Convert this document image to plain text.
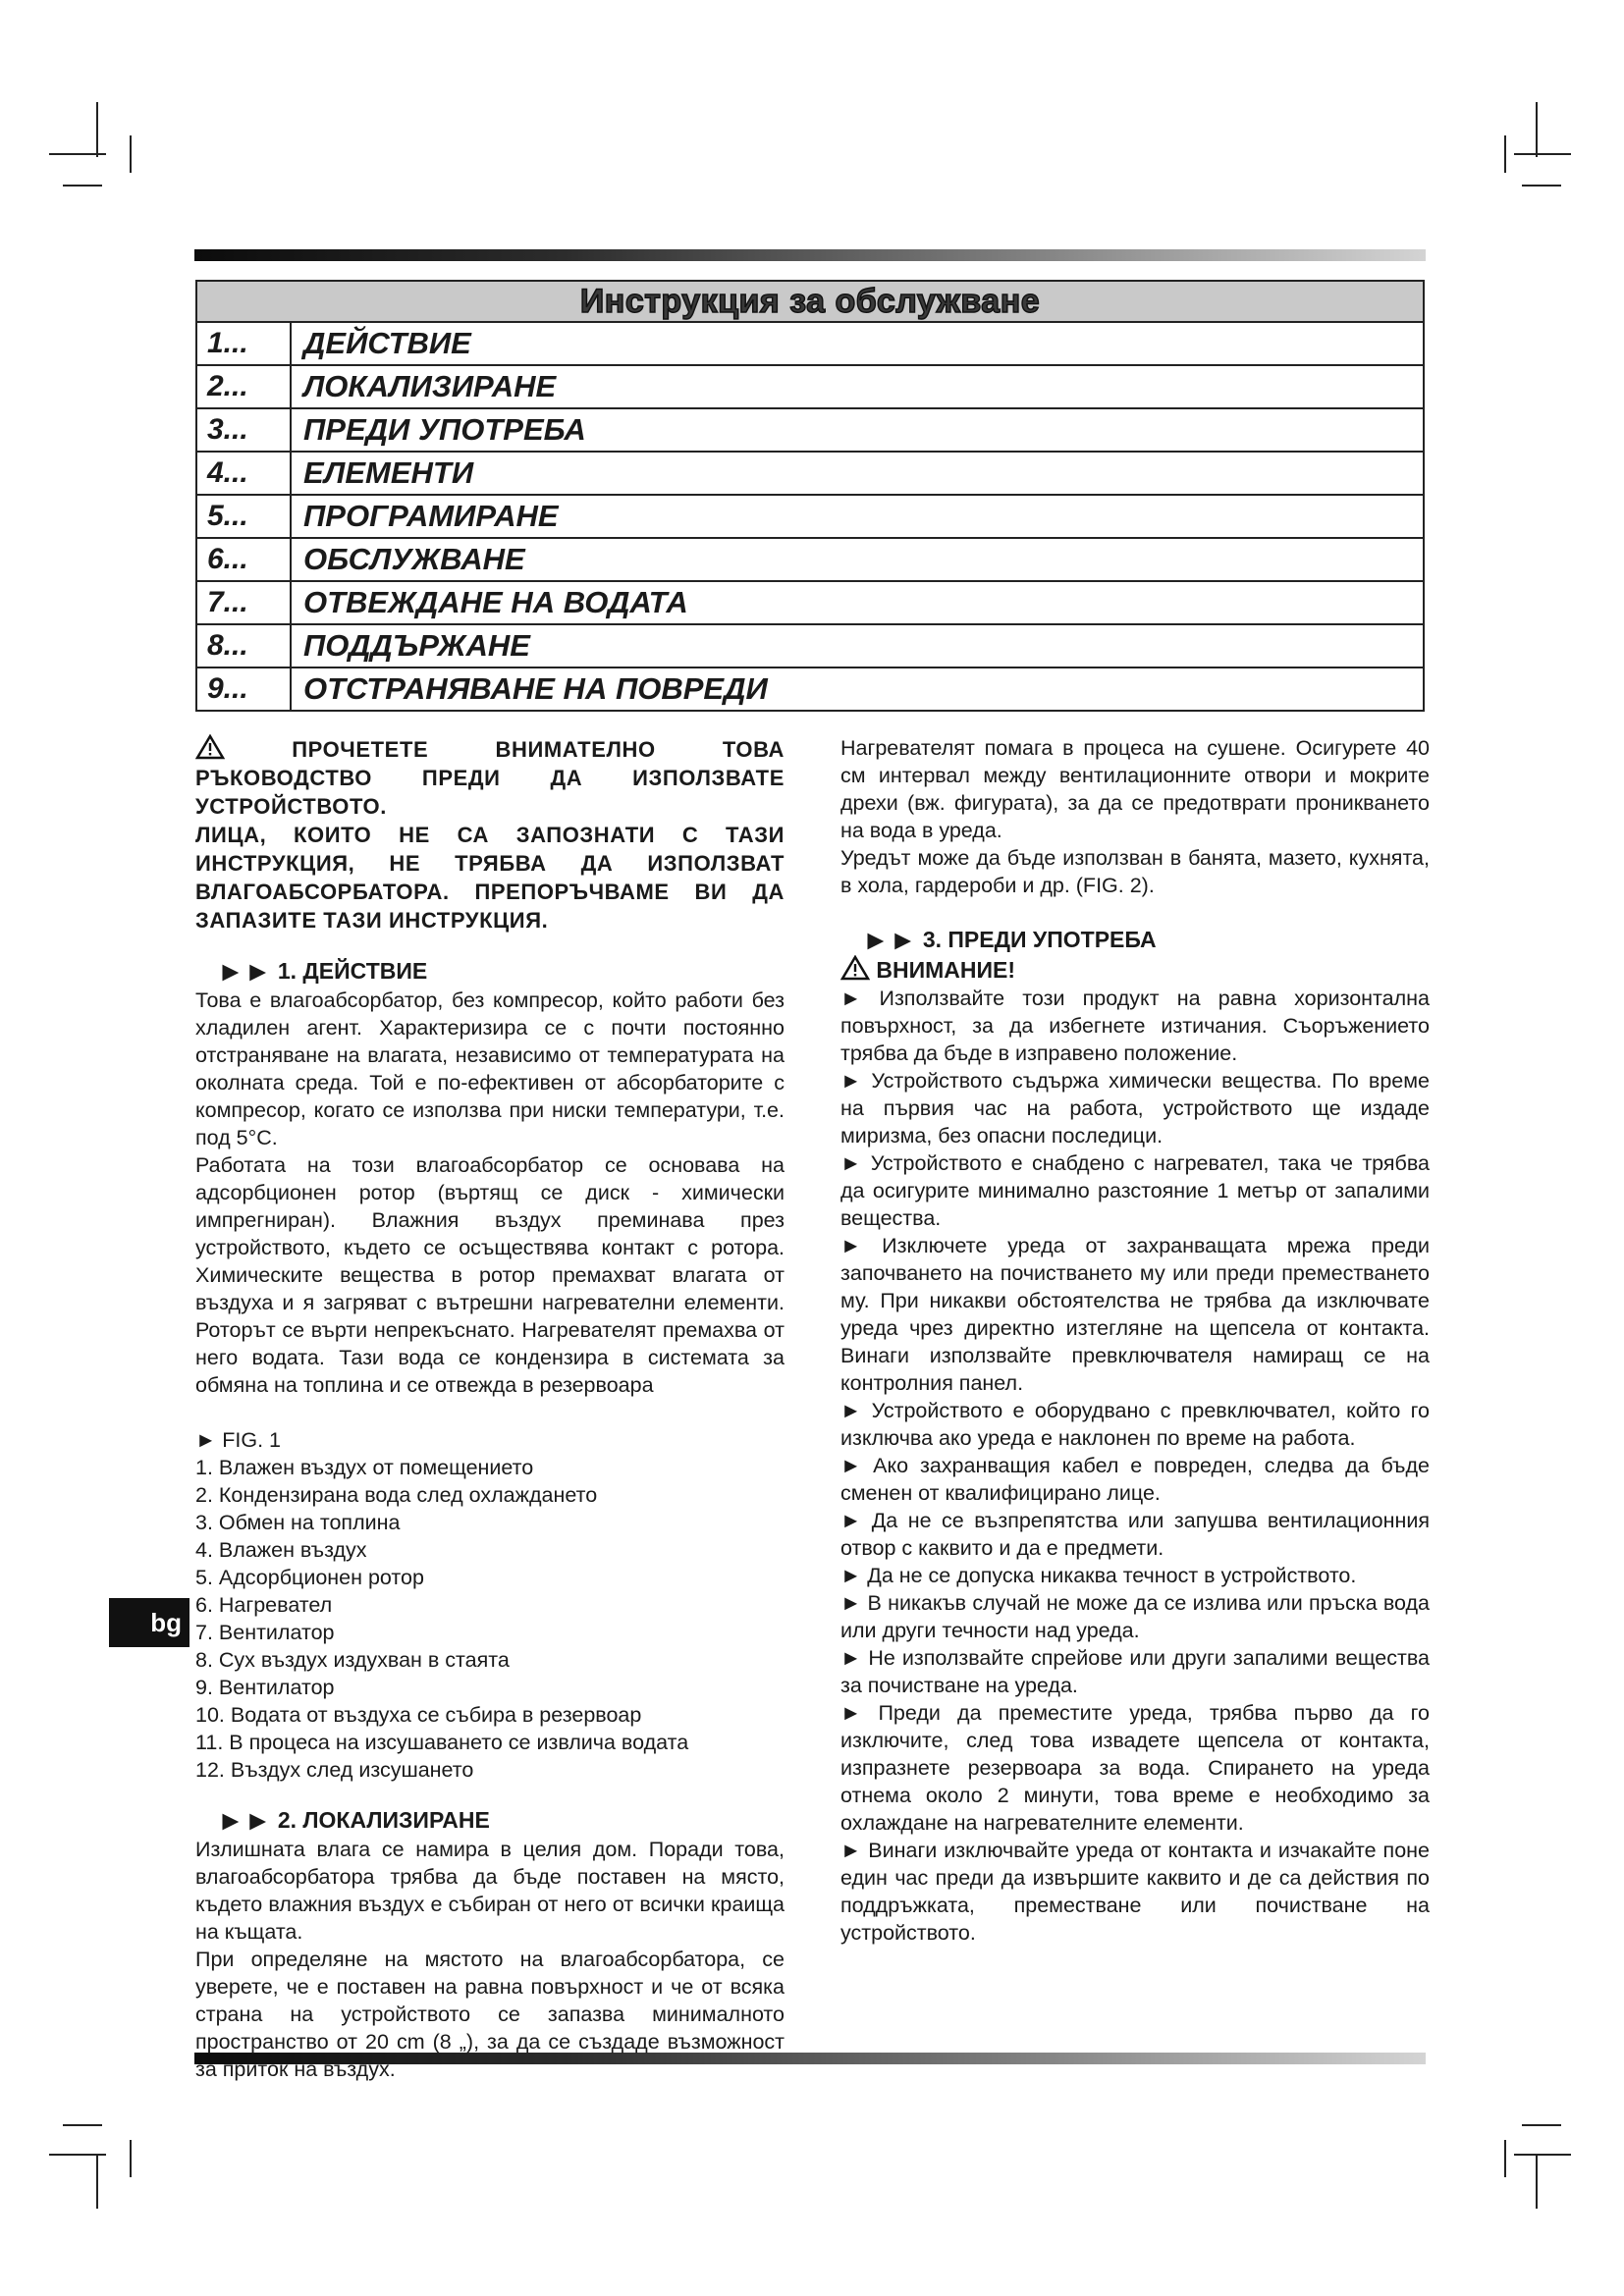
Инструкция за обслужване
1...	ДЕЙСТВИЕ
2...	ЛОКАЛИЗИРАНЕ
3...	ПРЕДИ УПОТРЕБА
4...	ЕЛЕМЕНТИ
5...	ПРОГРАМИРАНЕ
6...	ОБСЛУЖВАНЕ
7...	ОТВЕЖДАНЕ НА ВОДАТА
8...	ПОДДЪРЖАНЕ
9...	ОТСТРАНЯВАНЕ НА ПОВРЕДИ
ПРОЧЕТЕТЕ ВНИМАТЕЛНО ТОВА РЪКОВОДСТВО ПРЕДИ ДА ИЗПОЛЗВАТЕ УСТРОЙСТВОТО.
ЛИЦА, КОИТО НЕ СА ЗАПОЗНАТИ С ТАЗИ ИНСТРУКЦИЯ, НЕ ТРЯБВА ДА ИЗПОЛЗВАТ ВЛАГОАБСОРБАТОРА. ПРЕПОРЪЧВАМЕ ВИ ДА ЗАПАЗИТЕ ТАЗИ ИНСТРУКЦИЯ.
►► 1. ДЕЙСТВИЕ

Това е влагоабсорбатор, без компресор, който работи без хладилен агент. Характеризира се с почти постоянно отстраняване на влагата, независимо от температурата на околната среда. Той е по-ефективен от абсорбаторите с компресор, когато се използва при ниски температури, т.е. под 5°C.

Работата на този влагоабсорбатор се основава на адсорбционен ротор (въртящ се диск - химически импрегниран). Влажния въздух преминава през устройството, където се осъществява контакт с ротора. Химическите вещества в ротор премахват влагата от въздуха и я загряват с вътрешни нагревателни елементи. Роторът се върти непрекъснато. Нагревателят премахва от него водата. Тази вода се кондензира в системата за обмяна на топлина и се отвежда в резервоара

► FIG. 1
1. Влажен въздух от помещението
2. Кондензирана вода след охлаждането
3. Обмен на топлина
4. Влажен въздух
5. Адсорбционен ротор
6. Нагревател
7. Вентилатор
8. Сух въздух издухван в стаята
9. Вентилатор
10. Водата от въздуха се събира в резервоар
11. В процеса на изсушаването се извлича водата
12. Въздух след изсушането
►► 2. ЛОКАЛИЗИРАНЕ

Излишната влага се намира в целия дом. Поради това, влагоабсорбатора трябва да бъде поставен на място, където влажния въздух е събиран от него от всички краища на къщата.

При определяне на мястото на влагоабсорбатора, се уверете, че е поставен на равна повърхност и че от всяка страна на устройството се запазва минималното пространство от 20 cm (8 „), за да се създаде възможност за приток на въздух.

Нагревателят помага в процеса на сушене. Осигурете 40 см интервал между вентилационните отвори и мокрите дрехи (вж. фигурата), за да се предотврати проникването на вода в уреда.

Уредът може да бъде използван в банята, мазето, кухнята, в хола, гардероби и др. (FIG. 2).

►► 3. ПРЕДИ УПОТРЕБА
ВНИМАНИЕ!
► Използвайте този продукт на равна хоризонтална повърхност, за да избегнете изтичания. Съоръжението трябва да бъде в изправено положение.
► Устройството съдържа химически вещества. По време на първия час на работа, устройството ще издаде миризма, без опасни последици.
► Устройството е снабдено с нагревател, така че трябва да осигурите минимално разстояние 1 метър от запалими вещества.
► Изключете уреда от захранващата мрежа преди започването на почистването му или преди преместването му. При никакви обстоятелства не трябва да изключвате уреда чрез директно изтегляне на щепсела от контакта. Винаги използвайте превключвателя намиращ се на контролния панел.
► Устройството е оборудвано с превключвател, който го изключва ако уреда е наклонен по време на работа.
► Ако захранващия кабел е повреден, следва да бъде сменен от квалифицирано лице.
► Да не се възпрепятства или запушва вентилационния отвор с каквито и да е предмети.
► Да не се допуска никаква течност в устройството.
► В никакъв случай не може да се излива или пръска вода или други течности над уреда.
► Не използвайте спрейове или други запалими вещества за почистване на уреда.
► Преди да преместите уреда, трябва първо да го изключите, след това извадете щепсела от контакта, изпразнете резервоара за вода. Спирането на уреда отнема около 2 минути, това време е необходимо за охлаждане на нагревателните елементи.
► Винаги изключвайте уреда от контакта и изчакайте поне един час преди да извършите каквито и де са действия по поддръжката, преместване или почистване на устройството.
bg
